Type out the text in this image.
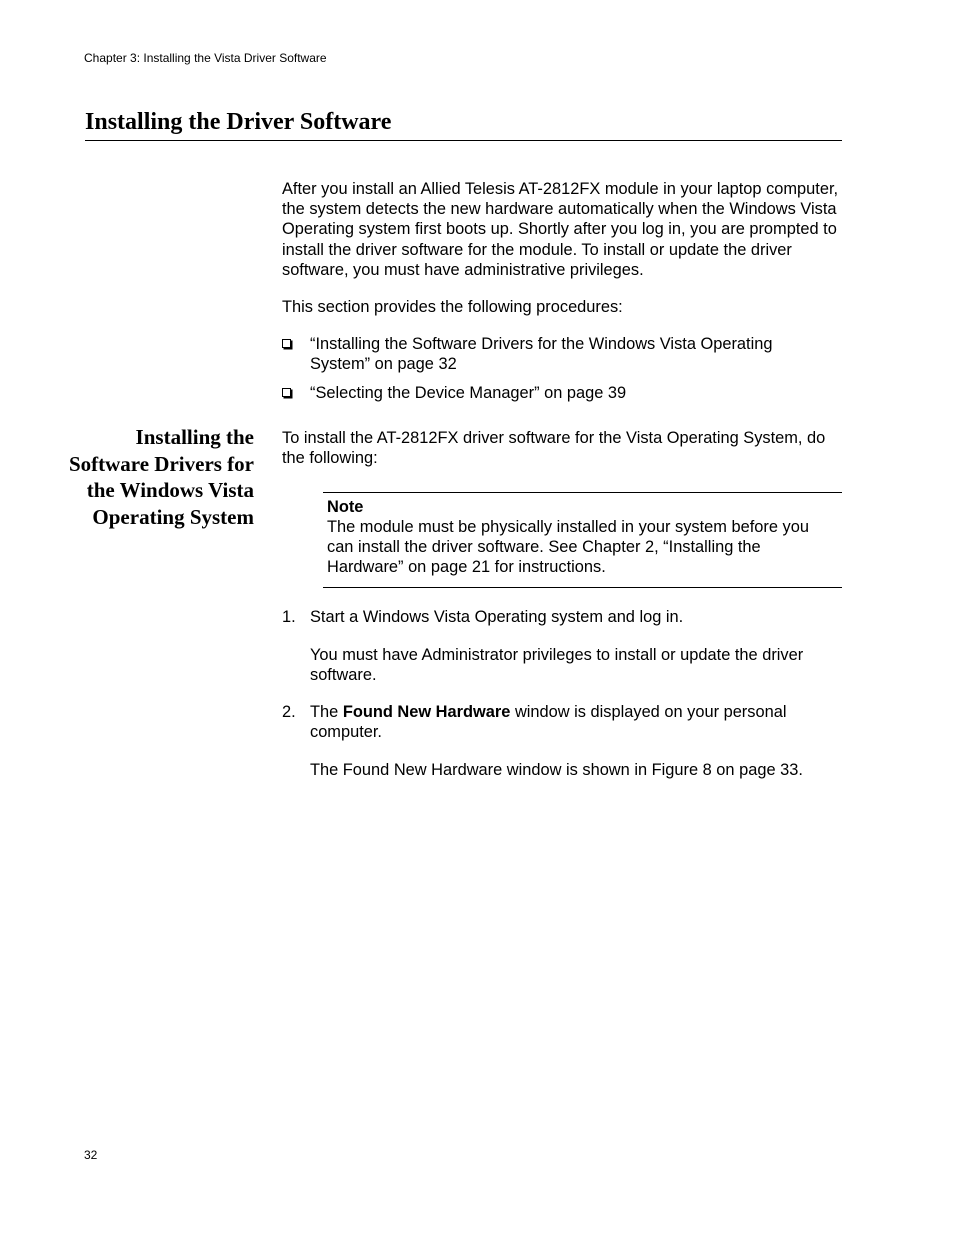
Chapter 3: Installing the Vista Driver Software
Installing the Driver Software

After you install an Allied Telesis AT-2812FX module in your laptop computer, the system detects the new hardware automatically when the Windows Vista Operating system first boots up. Shortly after you log in, you are prompted to install the driver software for the module. To install or update the driver software, you must have administrative privileges.

This section provides the following procedures:

“Installing the Software Drivers for the Windows Vista Operating System” on page 32
“Selecting the Device Manager” on page 39
Installing the Software Drivers for the Windows Vista Operating System

To install the AT-2812FX driver software for the Vista Operating System, do the following:

Note

The module must be physically installed in your system before you can install the driver software. See Chapter 2, “Installing the Hardware” on page 21 for instructions.

1. Start a Windows Vista Operating system and log in.

You must have Administrator privileges to install or update the driver software.

2. The Found New Hardware window is displayed on your personal computer.

The Found New Hardware window is shown in Figure 8 on page 33.

32
